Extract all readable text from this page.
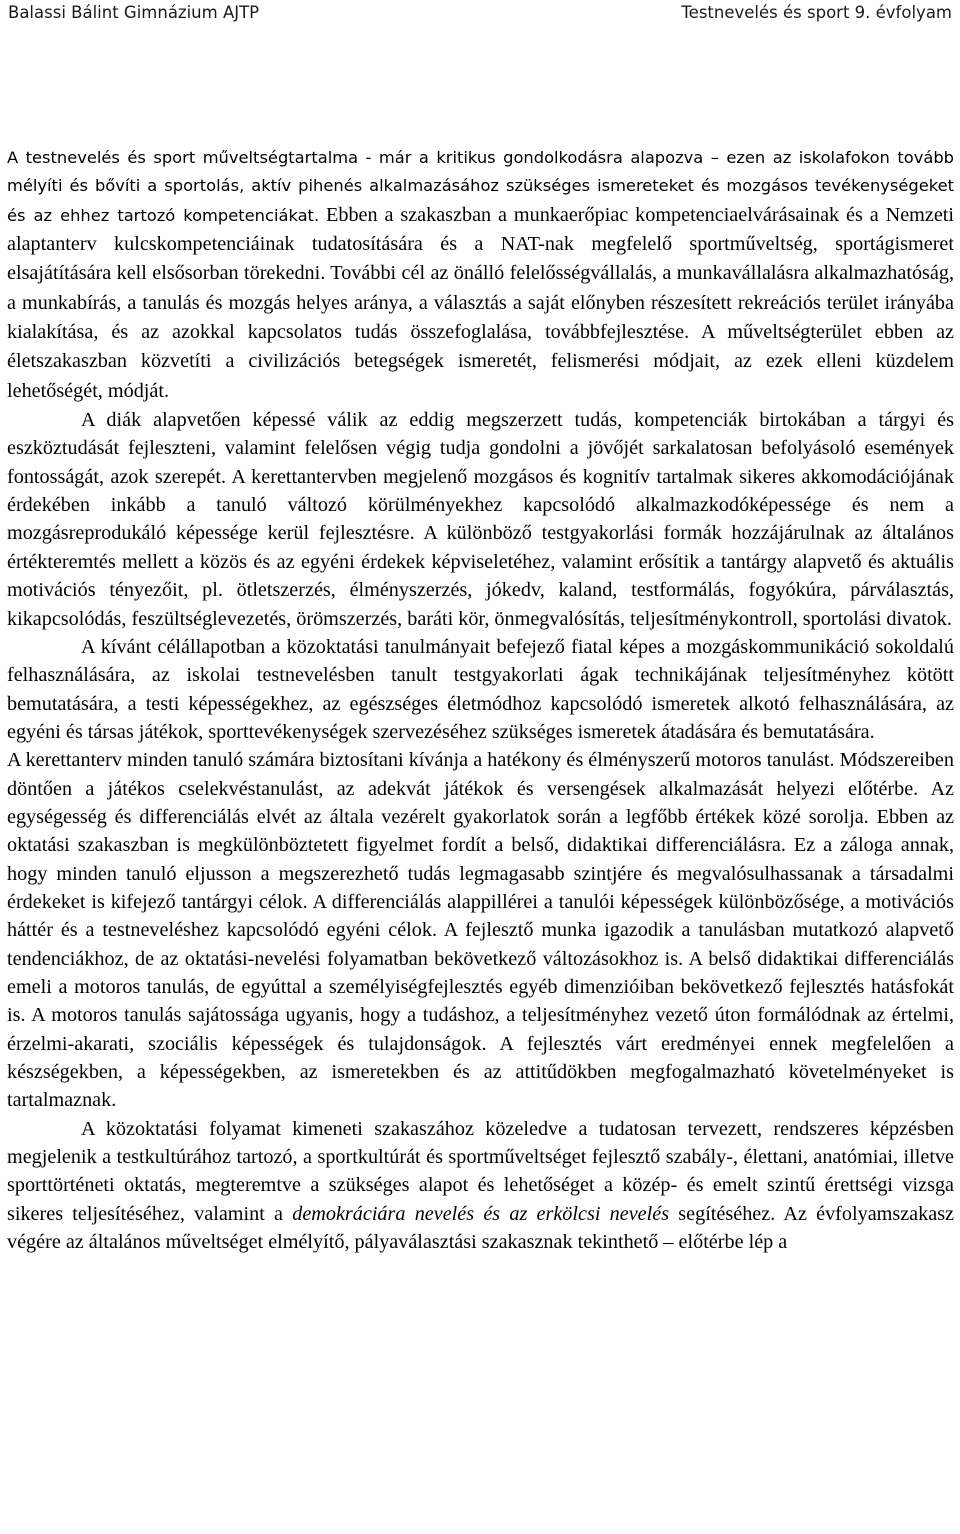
Balassi Bálint Gimnázium AJTP	Testnevelés és sport 9. évfolyam

A testnevelés és sport műveltségtartalma - már a kritikus gondolkodásra alapozva – ezen az iskolafokon tovább mélyíti és bővíti a sportolás, aktív pihenés alkalmazásához szükséges ismereteket és mozgásos tevékenységeket és az ehhez tartozó kompetenciákat. Ebben a szakaszban a munkaerőpiac kompetenciaelvárásainak és a Nemzeti alaptanterv kulcskompetenciáinak tudatosítására és a NAT-nak megfelelő sportműveltség, sportágismeret elsajátítására kell elsősorban törekedni. További cél az önálló felelősségvállalás, a munkavállalásra alkalmazhatóság, a munkabírás, a tanulás és mozgás helyes aránya, a választás a saját előnyben részesített rekreációs terület irányába kialakítása, és az azokkal kapcsolatos tudás összefoglalása, továbbfejlesztése. A műveltségterület ebben az életszakaszban közvetíti a civilizációs betegségek ismeretét, felismerési módjait, az ezek elleni küzdelem lehetőségét, módját.

A diák alapvetően képessé válik az eddig megszerzett tudás, kompetenciák birtokában a tárgyi és eszköztudását fejleszteni, valamint felelősen végig tudja gondolni a jövőjét sarkalatosan befolyásoló események fontosságát, azok szerepét. A kerettantervben megjelenő mozgásos és kognitív tartalmak sikeres akkomodációjának érdekében inkább a tanuló változó körülményekhez kapcsolódó alkalmazkodóképessége és nem a mozgásreprodukáló képessége kerül fejlesztésre. A különböző testgyakorlási formák hozzájárulnak az általános értékteremtés mellett a közös és az egyéni érdekek képviseletéhez, valamint erősítik a tantárgy alapvető és aktuális motivációs tényezőit, pl. ötletszerzés, élményszerzés, jókedv, kaland, testformálás, fogyókúra, párválasztás, kikapcsolódás, feszültséglevezetés, örömszerzés, baráti kör, önmegvalósítás, teljesítménykontroll, sportolási divatok.

A kívánt célállapotban a közoktatási tanulmányait befejező fiatal képes a mozgáskommunikáció sokoldalú felhasználására, az iskolai testnevelésben tanult testgyakorlati ágak technikájának teljesítményhez kötött bemutatására, a testi képességekhez, az egészséges életmódhoz kapcsolódó ismeretek alkotó felhasználására, az egyéni és társas játékok, sporttevékenységek szervezéséhez szükséges ismeretek átadására és bemutatására.

A kerettanterv minden tanuló számára biztosítani kívánja a hatékony és élményszerű motoros tanulást. Módszereiben döntően a játékos cselekvéstanulást, az adekvát játékok és versengések alkalmazását helyezi előtérbe. Az egységesség és differenciálás elvét az általa vezérelt gyakorlatok során a legfőbb értékek közé sorolja. Ebben az oktatási szakaszban is megkülönböztetett figyelmet fordít a belső, didaktikai differenciálásra. Ez a záloga annak, hogy minden tanuló eljusson a megszerezhető tudás legmagasabb szintjére és megvalósulhassanak a társadalmi érdekeket is kifejező tantárgyi célok. A differenciálás alappillérei a tanulói képességek különbözősége, a motivációs háttér és a testneveléshez kapcsolódó egyéni célok. A fejlesztő munka igazodik a tanulásban mutatkozó alapvető tendenciákhoz, de az oktatási-nevelési folyamatban bekövetkező változásokhoz is. A belső didaktikai differenciálás emeli a motoros tanulás, de egyúttal a személyiségfejlesztés egyéb dimenzióiban bekövetkező fejlesztés hatásfokát is. A motoros tanulás sajátossága ugyanis, hogy a tudáshoz, a teljesítményhez vezető úton formálódnak az értelmi, érzelmi-akarati, szociális képességek és tulajdonságok. A fejlesztés várt eredményei ennek megfelelően a készségekben, a képességekben, az ismeretekben és az attitűdökben megfogalmazható követelményeket is tartalmaznak.

A közoktatási folyamat kimeneti szakaszához közeledve a tudatosan tervezett, rendszeres képzésben megjelenik a testkultúrához tartozó, a sportkultúrát és sportműveltséget fejlesztő szabály-, élettani, anatómiai, illetve sporttörténeti oktatás, megteremtve a szükséges alapot és lehetőséget a közép- és emelt szintű érettségi vizsga sikeres teljesítéséhez, valamint a demokráciára nevelés és az erkölcsi nevelés segítéséhez. Az évfolyamszakasz végére az általános műveltséget elmélyítő, pályaválasztási szakasznak tekinthető – előtérbe lép a
